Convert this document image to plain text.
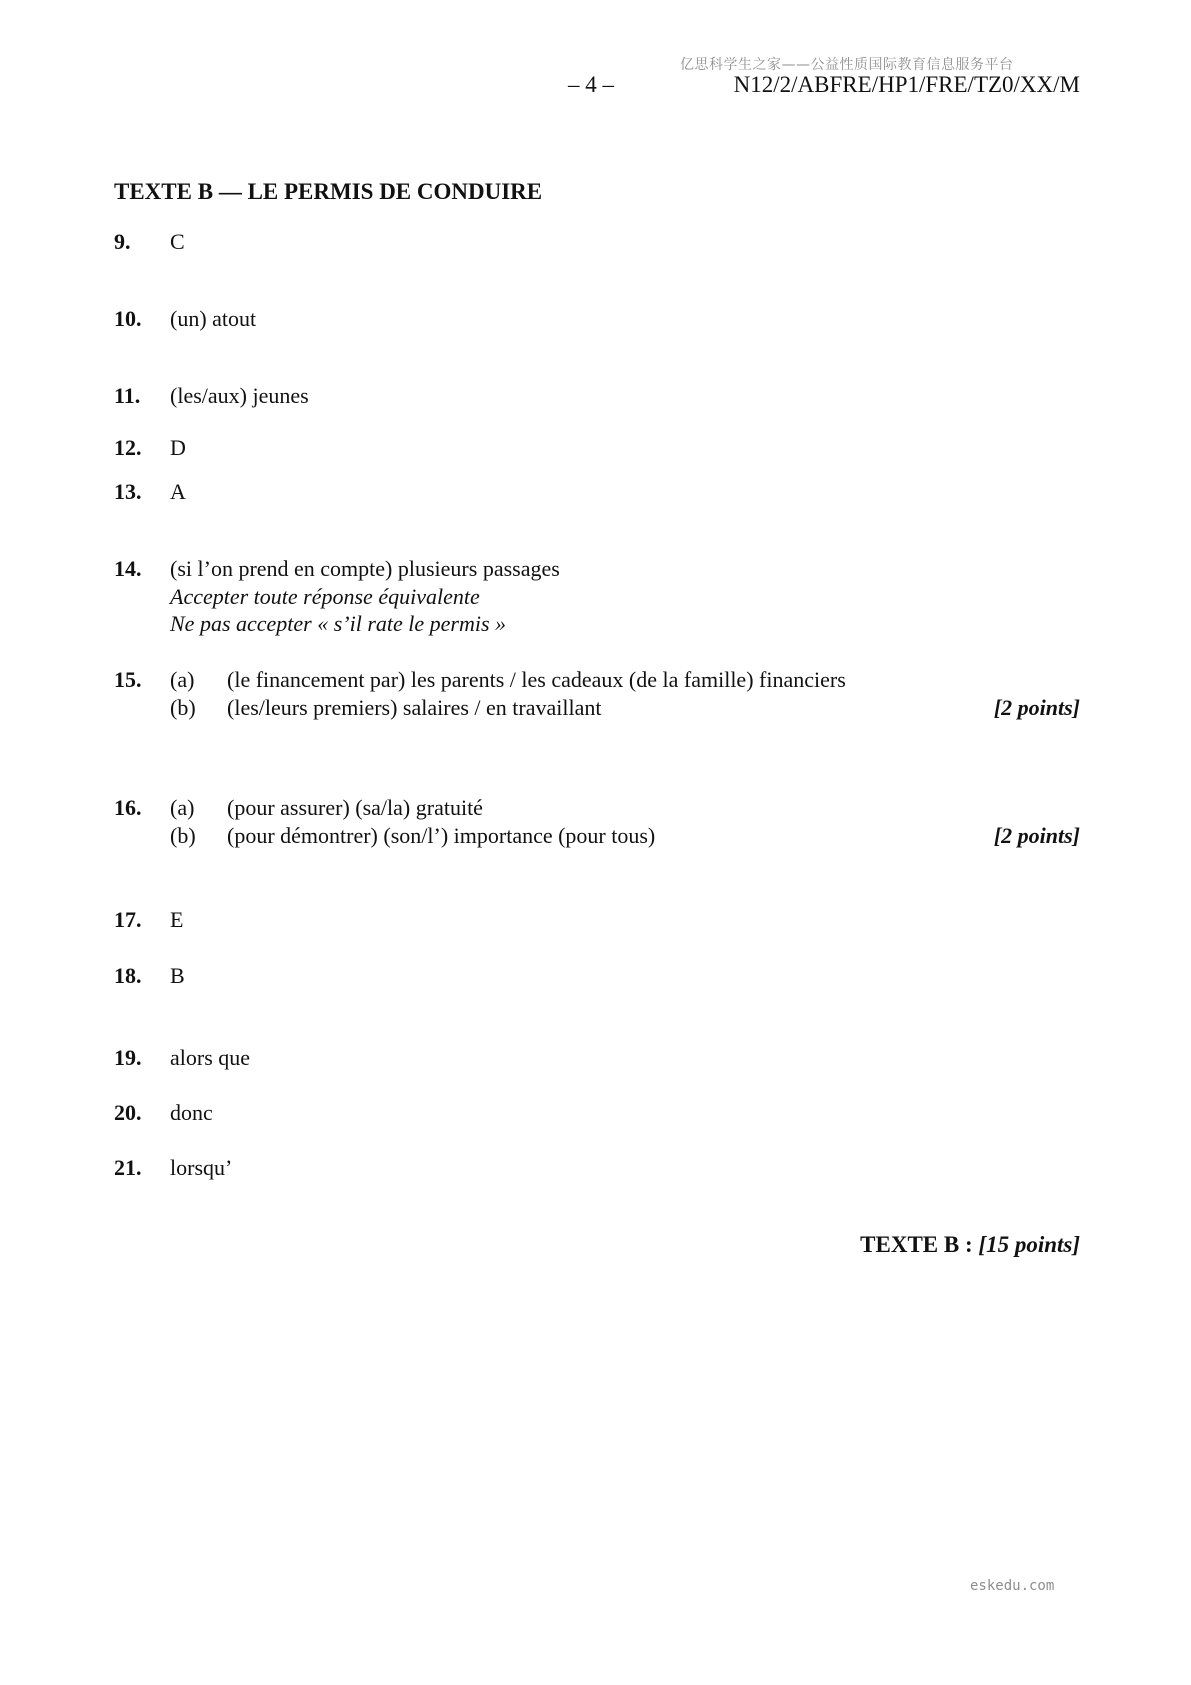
亿思科学生之家——公益性质国际教育信息服务平台
– 4 –	N12/2/ABFRE/HP1/FRE/TZ0/XX/M
TEXTE B — LE PERMIS DE CONDUIRE
9. C
10. (un) atout
11. (les/aux) jeunes
12. D
13. A
14. (si l’on prend en compte) plusieurs passages
Accepter toute réponse équivalente
Ne pas accepter « s’il rate le permis »
15. (a) (le financement par) les parents / les cadeaux (de la famille) financiers
(b) (les/leurs premiers) salaires / en travaillant	[2 points]
16. (a) (pour assurer) (sa/la) gratuité
(b) (pour démontrer) (son/l’) importance (pour tous)	[2 points]
17. E
18. B
19. alors que
20. donc
21. lorsqu’
TEXTE B : [15 points]
eskedu.com
